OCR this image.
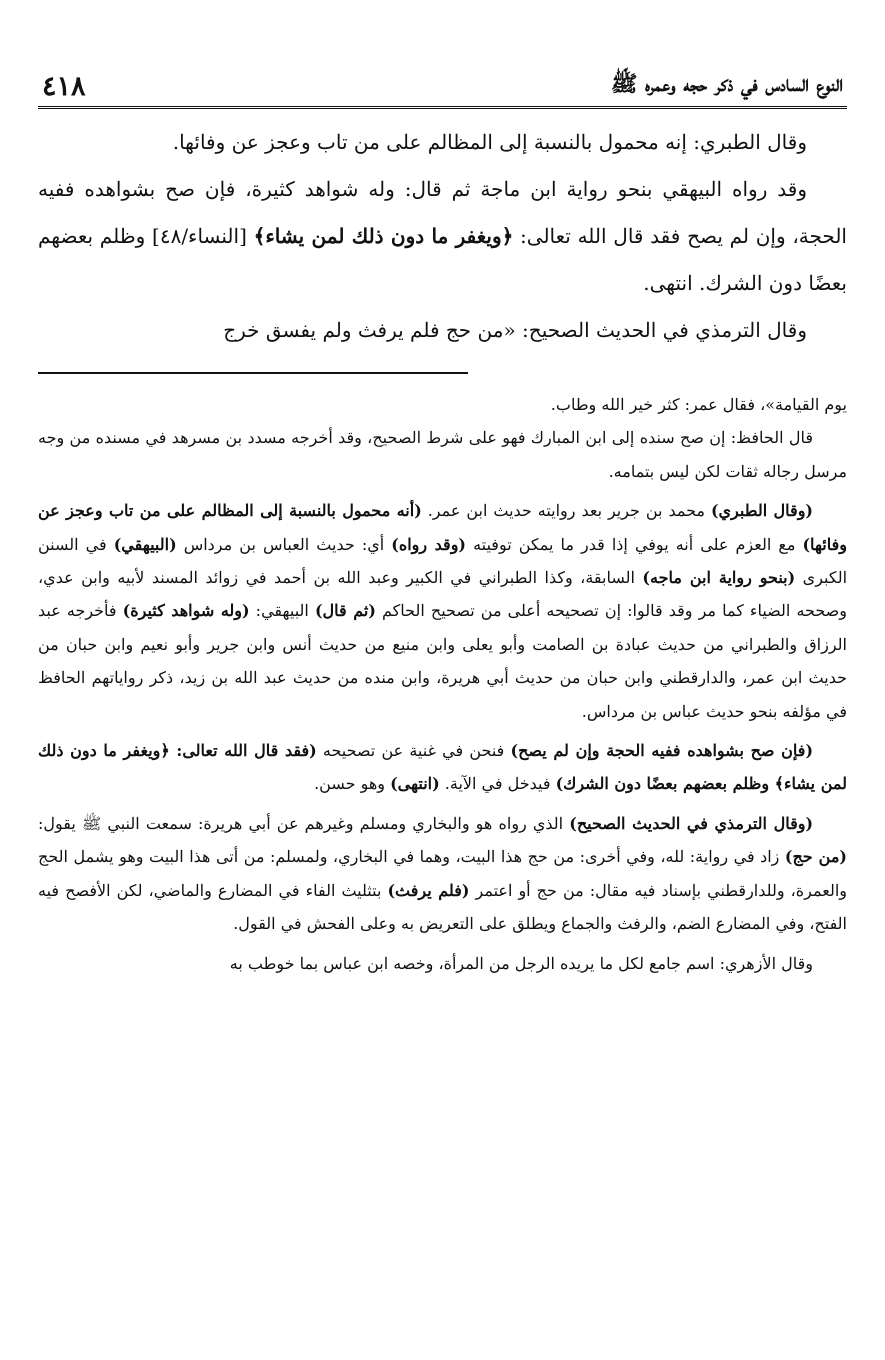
النوع السادس في ذكر حجه وعمره ﷺ
٤١٨

وقال الطبري: إنه محمول بالنسبة إلى المظالم على من تاب وعجز عن وفائها.

وقد رواه البيهقي بنحو رواية ابن ماجة ثم قال: وله شواهد كثيرة، فإن صح بشواهده ففيه الحجة، وإن لم يصح فقد قال الله تعالى: ﴿ويغفر ما دون ذلك لمن يشاء﴾ [النساء/٤٨] وظلم بعضهم بعضًا دون الشرك. انتهى.

وقال الترمذي في الحديث الصحيح: «من حج فلم يرفث ولم يفسق خرج

يوم القيامة»، فقال عمر: كثر خير الله وطاب.

قال الحافظ: إن صح سنده إلى ابن المبارك فهو على شرط الصحيح، وقد أخرجه مسدد بن مسرهد في مسنده من وجه مرسل رجاله ثقات لكن ليس بتمامه.

(وقال الطبري) محمد بن جرير بعد روايته حديث ابن عمر. (أنه محمول بالنسبة إلى المظالم على من تاب وعجز عن وفائها) مع العزم على أنه يوفي إذا قدر ما يمكن توفيته (وقد رواه) أي: حديث العباس بن مرداس (البيهقي) في السنن الكبرى (بنحو رواية ابن ماجه) السابقة، وكذا الطبراني في الكبير وعبد الله بن أحمد في زوائد المسند لأبيه وابن عدي، وصححه الضياء كما مر وقد قالوا: إن تصحيحه أعلى من تصحيح الحاكم (ثم قال) البيهقي: (وله شواهد كثيرة) فأخرجه عبد الرزاق والطبراني من حديث عبادة بن الصامت وأبو يعلى وابن منيع من حديث أنس وابن جرير وأبو نعيم وابن حبان من حديث ابن عمر، والدارقطني وابن حبان من حديث أبي هريرة، وابن منده من حديث عبد الله بن زيد، ذكر رواياتهم الحافظ في مؤلفه بنحو حديث عباس بن مرداس.

(فإن صح بشواهده ففيه الحجة وإن لم يصح) فنحن في غنية عن تصحيحه (فقد قال الله تعالى: ﴿ويغفر ما دون ذلك لمن يشاء﴾ وظلم بعضهم بعضًا دون الشرك) فيدخل في الآية. (انتهى) وهو حسن.

(وقال الترمذي في الحديث الصحيح) الذي رواه هو والبخاري ومسلم وغيرهم عن أبي هريرة: سمعت النبي ﷺ يقول: (من حج) زاد في رواية: لله، وفي أخرى: من حج هذا البيت، وهما في البخاري، ولمسلم: من أتى هذا البيت وهو يشمل الحج والعمرة، وللدارقطني بإسناد فيه مقال: من حج أو اعتمر (فلم يرفث) بتثليث الفاء في المضارع والماضي، لكن الأفصح فيه الفتح، وفي المضارع الضم، والرفث والجماع ويطلق على التعريض به وعلى الفحش في القول.

وقال الأزهري: اسم جامع لكل ما يريده الرجل من المرأة، وخصه ابن عباس بما خوطب به
